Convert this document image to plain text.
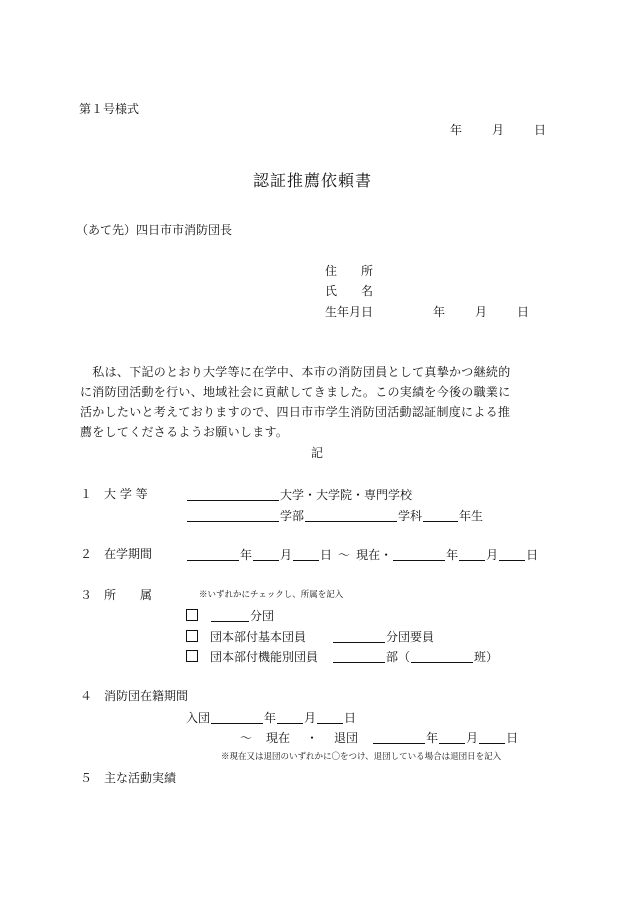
第１号様式
年	月	日
認証推薦依頼書
（あて先）四日市市消防団長
住　　所
氏　　名
生年月日	年	月	日
　私は、下記のとおり大学等に在学中、本市の消防団員として真摯かつ継続的
に消防団活動を行い、地域社会に貢献してきました。この実績を今後の職業に
活かしたいと考えておりますので、四日市市学生消防団活動認証制度による推
薦をしてくださるようお願いします。
記
１ 大 学 等	大学・大学院・専門学校
学部	学科	年生
２ 在学期間	年 月 日 ～ 現在・	年 月 日
３ 所　　属	※いずれかにチェックし、所属を記入
分団
団本部付基本団員	分団要員
団本部付機能別団員	部（	班）
４ 消防団在籍期間
入団	年 月 日
～ 現在 ・ 退団	年 月 日
※現在又は退団のいずれかに〇をつけ、退団している場合は退団日を記入
５ 主な活動実績
